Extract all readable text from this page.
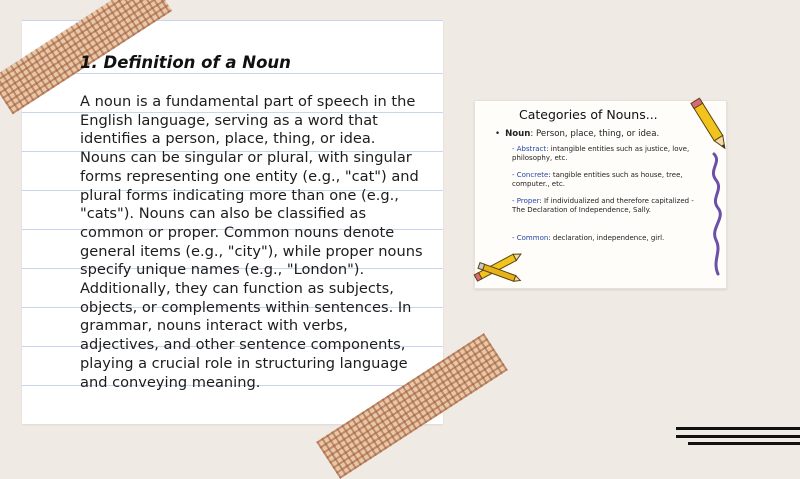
1. Definition of a Noun

A noun is a fundamental part of speech in the English language, serving as a word that identifies a person, place, thing, or idea. Nouns can be singular or plural, with singular forms representing one entity (e.g., "cat") and plural forms indicating more than one (e.g., "cats"). Nouns can also be classified as common or proper. Common nouns denote general items (e.g., "city"), while proper nouns specify unique names (e.g., "London"). Additionally, they can function as subjects, objects, or complements within sentences. In grammar, nouns interact with verbs, adjectives, and other sentence components, playing a crucial role in structuring language and conveying meaning.

Categories of Nouns...
• Noun: Person, place, thing, or idea.
- Abstract: intangible entities such as justice, love, philosophy, etc.
- Concrete: tangible entities such as house, tree, computer., etc.
- Proper: If individualized and therefore capitalized - The Declaration of Independence, Sally.
- Common: declaration, independence, girl.
